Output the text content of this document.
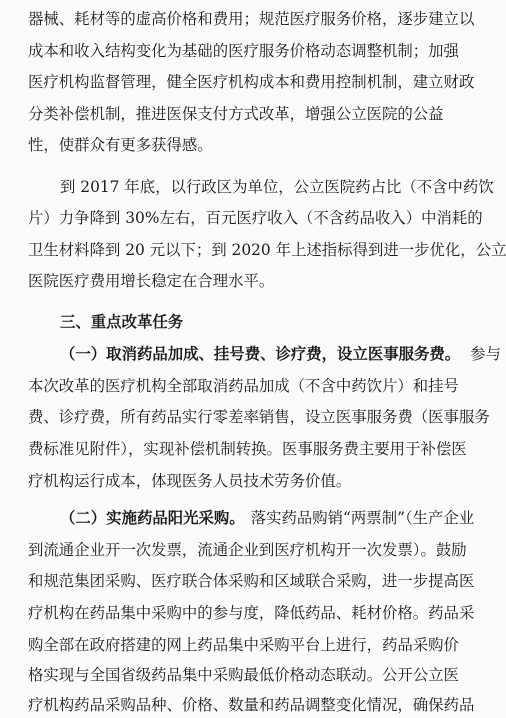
器械、耗材等的虚高价格和费用；规范医疗服务价格，逐步建立以
成本和收入结构变化为基础的医疗服务价格动态调整机制；加强
医疗机构监督管理，健全医疗机构成本和费用控制机制，建立财政
分类补偿机制，推进医保支付方式改革，增强公立医院的公益
性，使群众有更多获得感。
到 2017 年底，以行政区为单位，公立医院药占比（不含中药饮
片）力争降到 30%左右，百元医疗收入（不含药品收入）中消耗的
卫生材料降到 20 元以下；到 2020 年上述指标得到进一步优化，公立
医院医疗费用增长稳定在合理水平。
三、重点改革任务
（一）取消药品加成、挂号费、诊疗费，设立医事服务费。 参与
本次改革的医疗机构全部取消药品加成（不含中药饮片）和挂号
费、诊疗费，所有药品实行零差率销售，设立医事服务费（医事服务
费标准见附件），实现补偿机制转换。医事服务费主要用于补偿医
疗机构运行成本，体现医务人员技术劳务价值。
（二）实施药品阳光采购。 落实药品购销“两票制”（生产企业
到流通企业开一次发票，流通企业到医疗机构开一次发票）。鼓励
和规范集团采购、医疗联合体采购和区域联合采购，进一步提高医
疗机构在药品集中采购中的参与度，降低药品、耗材价格。药品采
购全部在政府搭建的网上药品集中采购平台上进行，药品采购价
格实现与全国省级药品集中采购最低价格动态联动。公开公立医
疗机构药品采购品种、价格、数量和药品调整变化情况，确保药品
